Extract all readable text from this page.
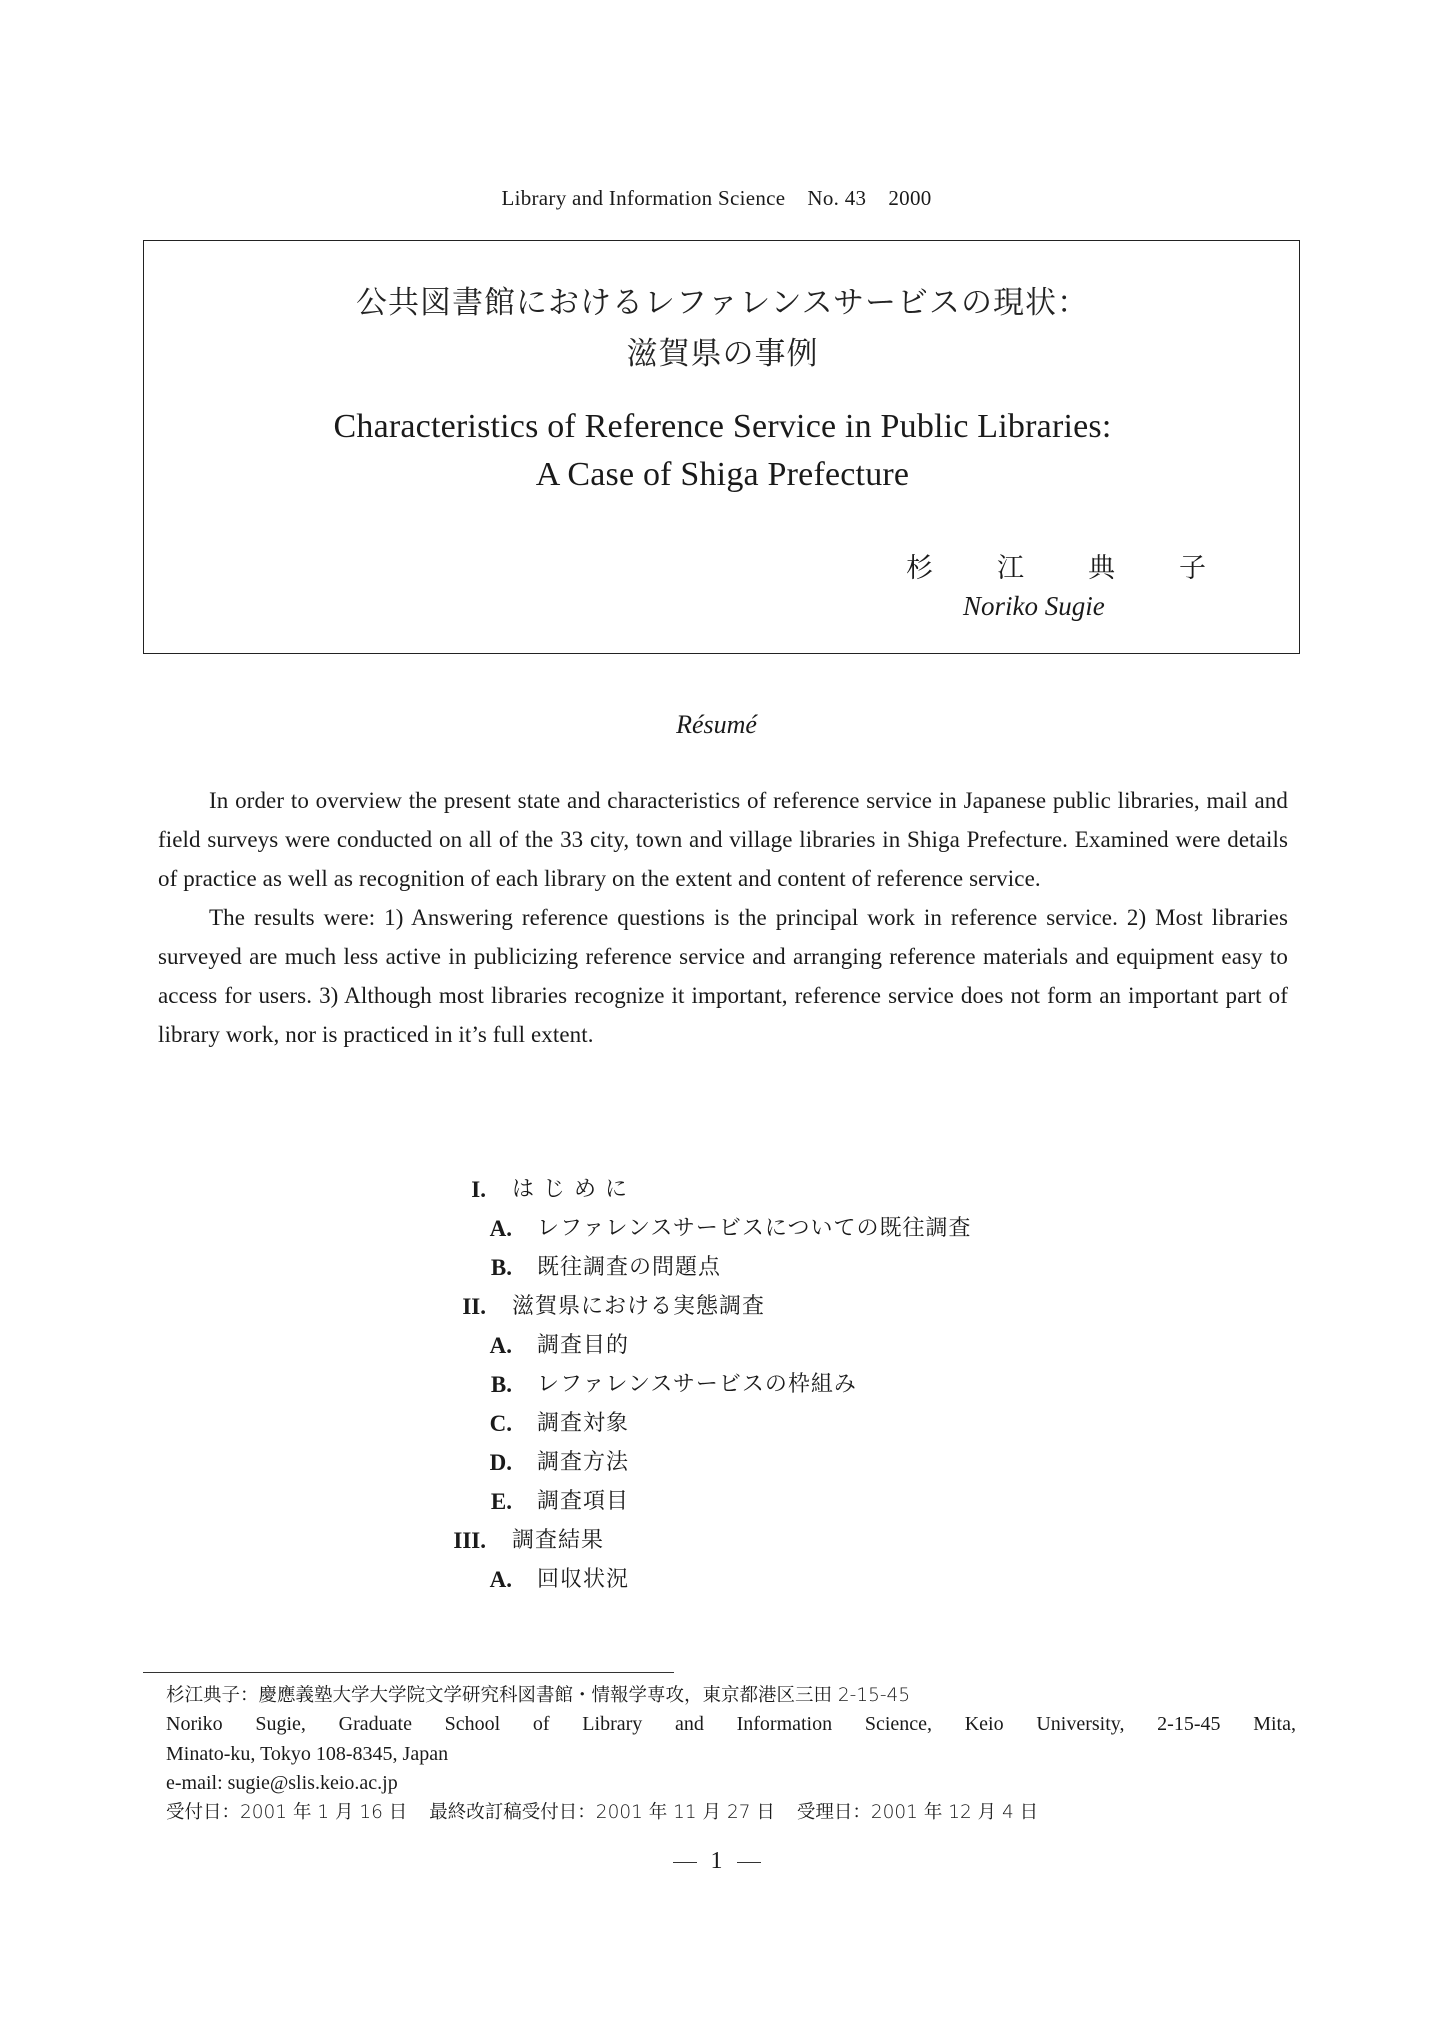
Library and Information Science No. 43 2000
公共図書館におけるレファレンスサービスの現状：
滋賀県の事例
Characteristics of Reference Service in Public Libraries:
A Case of Shiga Prefecture
杉 江 典 子
Noriko Sugie
Résumé

In order to overview the present state and characteristics of reference service in Japanese public libraries, mail and field surveys were conducted on all of the 33 city, town and village libraries in Shiga Prefecture. Examined were details of practice as well as recognition of each library on the extent and content of reference service.

The results were: 1) Answering reference questions is the principal work in reference service. 2) Most libraries surveyed are much less active in publicizing reference service and arranging reference materials and equipment easy to access for users. 3) Although most libraries recognize it important, reference service does not form an important part of library work, nor is practiced in it’s full extent.

I. は じ め に
A. レファレンスサービスについての既往調査
B. 既往調査の問題点
II. 滋賀県における実態調査
A. 調査目的
B. レファレンスサービスの枠組み
C. 調査対象
D. 調査方法
E. 調査項目
III. 調査結果
A. 回収状況
杉江典子：慶應義塾大学大学院文学研究科図書館・情報学専攻，東京都港区三田 2-15-45
Noriko Sugie, Graduate School of Library and Information Science, Keio University, 2-15-45 Mita,
Minato-ku, Tokyo 108-8345, Japan
e-mail: sugie@slis.keio.ac.jp
受付日：2001 年 1 月 16 日 最終改訂稿受付日：2001 年 11 月 27 日 受理日：2001 年 12 月 4 日
1
